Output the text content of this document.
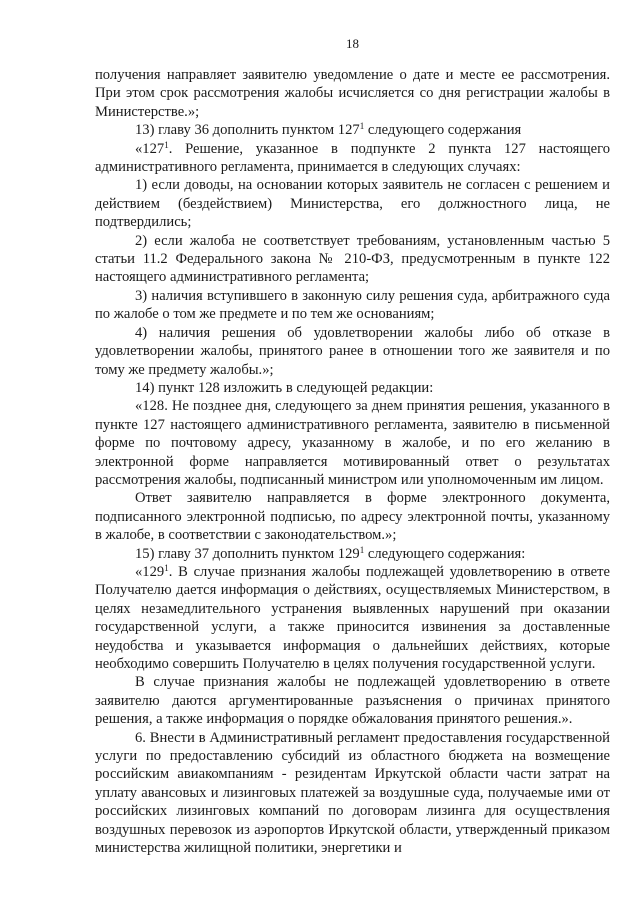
18

получения направляет заявителю уведомление о дате и месте ее рассмотрения. При этом срок рассмотрения жалобы исчисляется со дня регистрации жалобы в Министерстве.»;

13) главу 36 дополнить пунктом $127^1$ следующего содержания

«$127^1$. Решение, указанное в подпункте 2 пункта 127 настоящего административного регламента, принимается в следующих случаях:

1) если доводы, на основании которых заявитель не согласен с решением и действием (бездействием) Министерства, его должностного лица, не подтвердились;

2) если жалоба не соответствует требованиям, установленным частью 5 статьи 11.2 Федерального закона № 210-ФЗ, предусмотренным в пункте 122 настоящего административного регламента;

3) наличия вступившего в законную силу решения суда, арбитражного суда по жалобе о том же предмете и по тем же основаниям;

4) наличия решения об удовлетворении жалобы либо об отказе в удовлетворении жалобы, принятого ранее в отношении того же заявителя и по тому же предмету жалобы.»;

14) пункт 128 изложить в следующей редакции:

«128. Не позднее дня, следующего за днем принятия решения, указанного в пункте 127 настоящего административного регламента, заявителю в письменной форме по почтовому адресу, указанному в жалобе, и по его желанию в электронной форме направляется мотивированный ответ о результатах рассмотрения жалобы, подписанный министром или уполномоченным им лицом.

Ответ заявителю направляется в форме электронного документа, подписанного электронной подписью, по адресу электронной почты, указанному в жалобе, в соответствии с законодательством.»;

15) главу 37 дополнить пунктом $129^1$ следующего содержания:

«$129^1$. В случае признания жалобы подлежащей удовлетворению в ответе Получателю дается информация о действиях, осуществляемых Министерством, в целях незамедлительного устранения выявленных нарушений при оказании государственной услуги, а также приносится извинения за доставленные неудобства и указывается информация о дальнейших действиях, которые необходимо совершить Получателю в целях получения государственной услуги.

В случае признания жалобы не подлежащей удовлетворению в ответе заявителю даются аргументированные разъяснения о причинах принятого решения, а также информация о порядке обжалования принятого решения.».

6. Внести в Административный регламент предоставления государственной услуги по предоставлению субсидий из областного бюджета на возмещение российским авиакомпаниям - резидентам Иркутской области части затрат на уплату авансовых и лизинговых платежей за воздушные суда, получаемые ими от российских лизинговых компаний по договорам лизинга для осуществления воздушных перевозок из аэропортов Иркутской области, утвержденный приказом министерства жилищной политики, энергетики и
